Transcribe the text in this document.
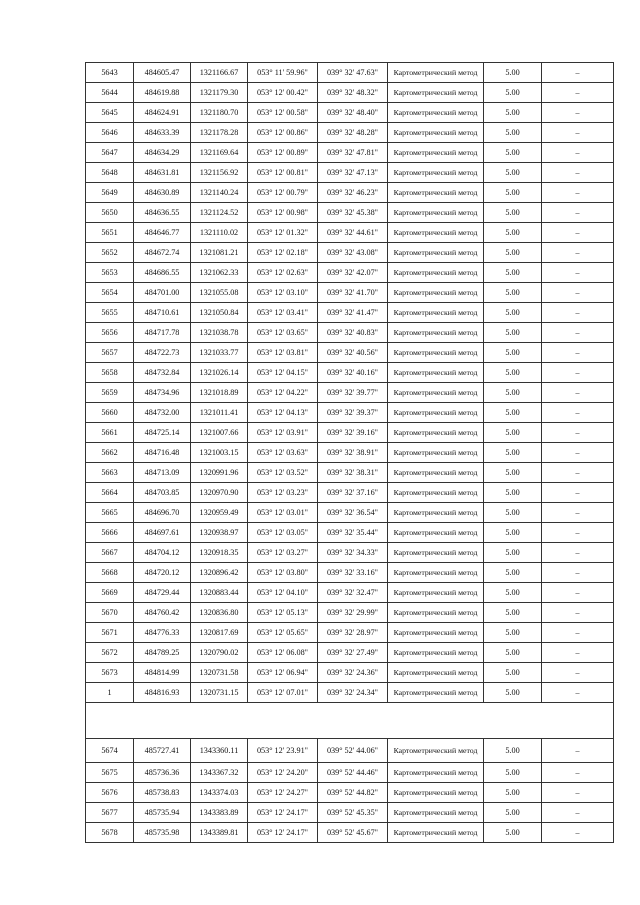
5643	484605.47	1321166.67	053° 11' 59.96"	039° 32' 47.63"	Картометрический метод	5.00	–
5644	484619.88	1321179.30	053° 12' 00.42"	039° 32' 48.32"	Картометрический метод	5.00	–
5645	484624.91	1321180.70	053° 12' 00.58"	039° 32' 48.40"	Картометрический метод	5.00	–
5646	484633.39	1321178.28	053° 12' 00.86"	039° 32' 48.28"	Картометрический метод	5.00	–
5647	484634.29	1321169.64	053° 12' 00.89"	039° 32' 47.81"	Картометрический метод	5.00	–
5648	484631.81	1321156.92	053° 12' 00.81"	039° 32' 47.13"	Картометрический метод	5.00	–
5649	484630.89	1321140.24	053° 12' 00.79"	039° 32' 46.23"	Картометрический метод	5.00	–
5650	484636.55	1321124.52	053° 12' 00.98"	039° 32' 45.38"	Картометрический метод	5.00	–
5651	484646.77	1321110.02	053° 12' 01.32"	039° 32' 44.61"	Картометрический метод	5.00	–
5652	484672.74	1321081.21	053° 12' 02.18"	039° 32' 43.08"	Картометрический метод	5.00	–
5653	484686.55	1321062.33	053° 12' 02.63"	039° 32' 42.07"	Картометрический метод	5.00	–
5654	484701.00	1321055.08	053° 12' 03.10"	039° 32' 41.70"	Картометрический метод	5.00	–
5655	484710.61	1321050.84	053° 12' 03.41"	039° 32' 41.47"	Картометрический метод	5.00	–
5656	484717.78	1321038.78	053° 12' 03.65"	039° 32' 40.83"	Картометрический метод	5.00	–
5657	484722.73	1321033.77	053° 12' 03.81"	039° 32' 40.56"	Картометрический метод	5.00	–
5658	484732.84	1321026.14	053° 12' 04.15"	039° 32' 40.16"	Картометрический метод	5.00	–
5659	484734.96	1321018.89	053° 12' 04.22"	039° 32' 39.77"	Картометрический метод	5.00	–
5660	484732.00	1321011.41	053° 12' 04.13"	039° 32' 39.37"	Картометрический метод	5.00	–
5661	484725.14	1321007.66	053° 12' 03.91"	039° 32' 39.16"	Картометрический метод	5.00	–
5662	484716.48	1321003.15	053° 12' 03.63"	039° 32' 38.91"	Картометрический метод	5.00	–
5663	484713.09	1320991.96	053° 12' 03.52"	039° 32' 38.31"	Картометрический метод	5.00	–
5664	484703.85	1320970.90	053° 12' 03.23"	039° 32' 37.16"	Картометрический метод	5.00	–
5665	484696.70	1320959.49	053° 12' 03.01"	039° 32' 36.54"	Картометрический метод	5.00	–
5666	484697.61	1320938.97	053° 12' 03.05"	039° 32' 35.44"	Картометрический метод	5.00	–
5667	484704.12	1320918.35	053° 12' 03.27"	039° 32' 34.33"	Картометрический метод	5.00	–
5668	484720.12	1320896.42	053° 12' 03.80"	039° 32' 33.16"	Картометрический метод	5.00	–
5669	484729.44	1320883.44	053° 12' 04.10"	039° 32' 32.47"	Картометрический метод	5.00	–
5670	484760.42	1320836.80	053° 12' 05.13"	039° 32' 29.99"	Картометрический метод	5.00	–
5671	484776.33	1320817.69	053° 12' 05.65"	039° 32' 28.97"	Картометрический метод	5.00	–
5672	484789.25	1320790.02	053° 12' 06.08"	039° 32' 27.49"	Картометрический метод	5.00	–
5673	484814.99	1320731.58	053° 12' 06.94"	039° 32' 24.36"	Картометрический метод	5.00	–
1	484816.93	1320731.15	053° 12' 07.01"	039° 32' 24.34"	Картометрический метод	5.00	–

5674	485727.41	1343360.11	053° 12' 23.91"	039° 52' 44.06"	Картометрический метод	5.00	–
5675	485736.36	1343367.32	053° 12' 24.20"	039° 52' 44.46"	Картометрический метод	5.00	–
5676	485738.83	1343374.03	053° 12' 24.27"	039° 52' 44.82"	Картометрический метод	5.00	–
5677	485735.94	1343383.89	053° 12' 24.17"	039° 52' 45.35"	Картометрический метод	5.00	–
5678	485735.98	1343389.81	053° 12' 24.17"	039° 52' 45.67"	Картометрический метод	5.00	–
